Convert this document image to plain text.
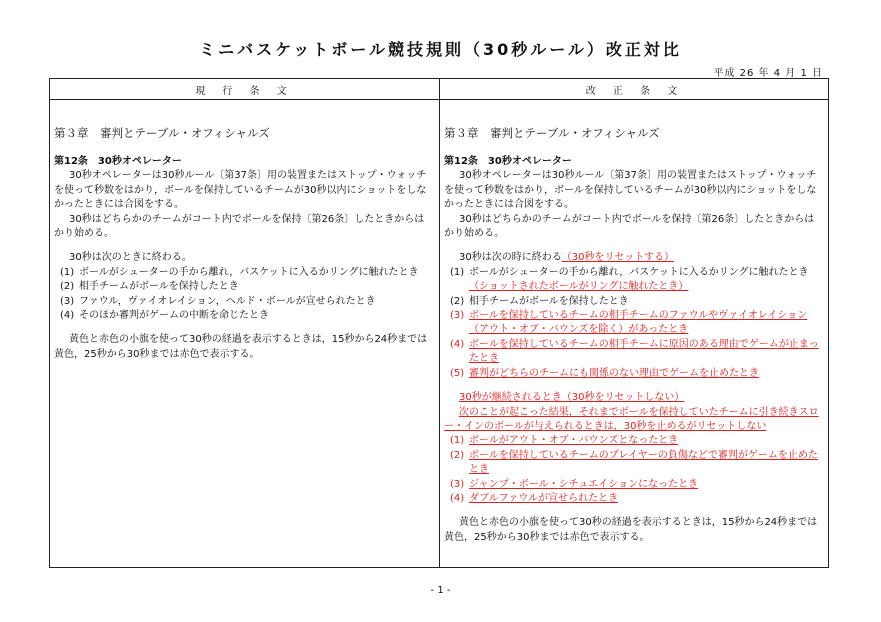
ミニバスケットボール競技規則（30秒ルール）改正対比
平成 26 年 4 月 1 日
現 行 条 文	改 正 条 文
第３章　審判とテーブル・オフィシャルズ
第12条　30秒オペレーター

30秒オペレーターは30秒ルール〔第37条〕用の装置またはストップ・ウォッチを使って秒数をはかり，ボールを保持しているチームが30秒以内にショットをしなかったときには合図をする。

30秒はどちらかのチームがコート内でボールを保持〔第26条〕したときからはかり始める。

30秒は次のときに終わる。

(1) ボールがシューターの手から離れ，バスケットに入るかリングに触れたとき
(2) 相手チームがボールを保持したとき
(3) ファウル，ヴァイオレイション，ヘルド・ボールが宣せられたとき
(4) そのほか審判がゲームの中断を命じたとき

黄色と赤色の小旗を使って30秒の経過を表示するときは，15秒から24秒までは黄色，25秒から30秒までは赤色で表示する。

第３章　審判とテーブル・オフィシャルズ
第12条　30秒オペレーター

30秒オペレーターは30秒ルール〔第37条〕用の装置またはストップ・ウォッチを使って秒数をはかり，ボールを保持しているチームが30秒以内にショットをしなかったときには合図をする。

30秒はどちらかのチームがコート内でボールを保持〔第26条〕したときからはかり始める。

30秒は次の時に終わる（30秒をリセットする）

(1) ボールがシューターの手から離れ，バスケットに入るかリングに触れたとき（ショットされたボールがリングに触れたとき）
(2) 相手チームがボールを保持したとき
(3) ボールを保持しているチームの相手チームのファウルやヴァイオレイション（アウト・オブ・バウンズを除く）があったとき
(4) ボールを保持しているチームの相手チームに原因のある理由でゲームが止まったとき
(5) 審判がどちらのチームにも関係のない理由でゲームを止めたとき

30秒が継続されるとき（30秒をリセットしない）

次のことが起こった結果，それまでボールを保持していたチームに引き続きスロー・インのボールが与えられるときは，30秒を止めるがリセットしない

(1) ボールがアウト・オブ・バウンズとなったとき
(2) ボールを保持しているチームのプレイヤーの負傷などで審判がゲームを止めたとき
(3) ジャンプ・ボール・シチュエイションになったとき
(4) ダブルファウルが宣せられたとき

黄色と赤色の小旗を使って30秒の経過を表示するときは，15秒から24秒までは黄色，25秒から30秒までは赤色で表示する。

- 1 -
